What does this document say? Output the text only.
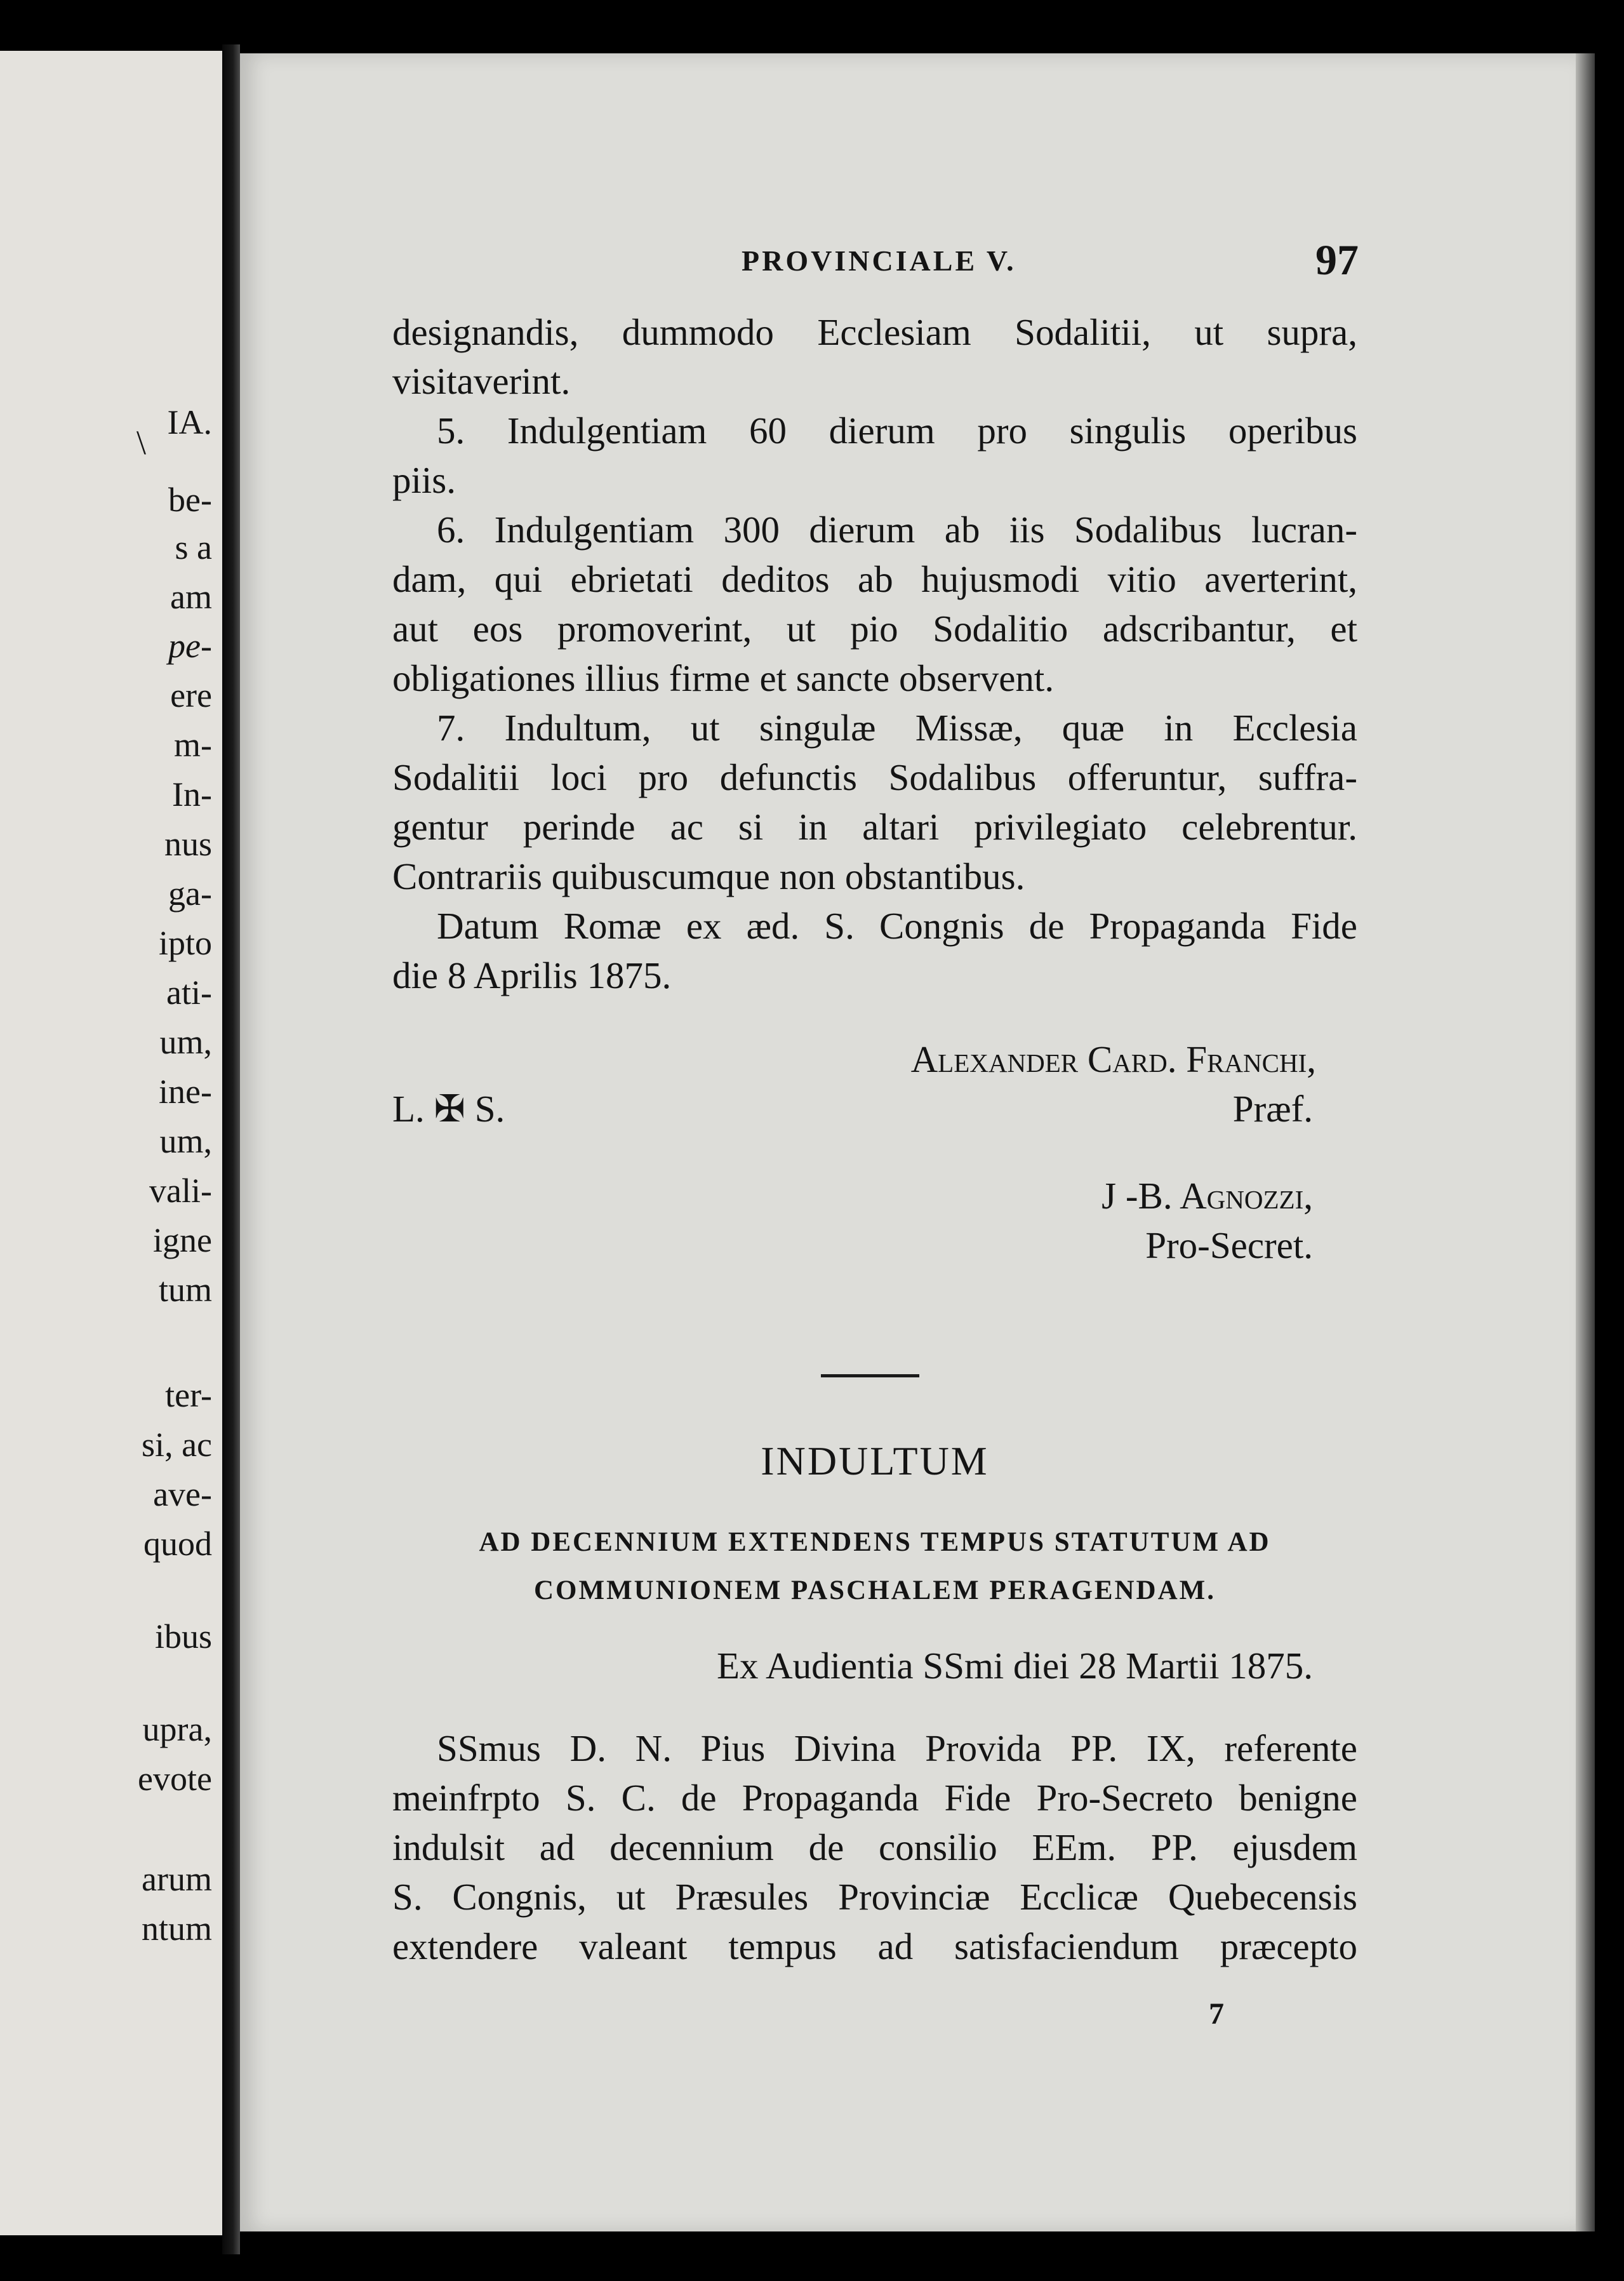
IA.
\
be-
s a
am
pe-
ere
m-
In-
nus
ga-
ipto
ati-
um,
ine-
um,
vali-
igne
tum
ter-
si, ac
ave-
quod
ibus
upra,
evote
arum
ntum
PROVINCIALE V.	97
designandis, dummodo Ecclesiam Sodalitii, ut supra,
visitaverint.
5. Indulgentiam 60 dierum pro singulis operibus
piis.
6. Indulgentiam 300 dierum ab iis Sodalibus lucran-
dam, qui ebrietati deditos ab hujusmodi vitio averterint,
aut eos promoverint, ut pio Sodalitio adscribantur, et
obligationes illius firme et sancte observent.
7. Indultum, ut singulæ Missæ, quæ in Ecclesia
Sodalitii loci pro defunctis Sodalibus offeruntur, suffra-
gentur perinde ac si in altari privilegiato celebrentur.
Contrariis quibuscumque non obstantibus.
Datum Romæ ex æd. S. Congnis de Propaganda Fide
die 8 Aprilis 1875.
Alexander Card. Franchi,
L. ✠ S.	Præf.
J -B. Agnozzi,
Pro-Secret.
INDULTUM
AD DECENNIUM EXTENDENS TEMPUS STATUTUM AD
COMMUNIONEM PASCHALEM PERAGENDAM.
Ex Audientia SSmi diei 28 Martii 1875.
SSmus D. N. Pius Divina Provida PP. IX, referente
meinfrpto S. C. de Propaganda Fide Pro-Secreto benigne
indulsit ad decennium de consilio EEm. PP. ejusdem
S. Congnis, ut Præsules Provinciæ Ecclicæ Quebecensis
extendere valeant tempus ad satisfaciendum præcepto
7
